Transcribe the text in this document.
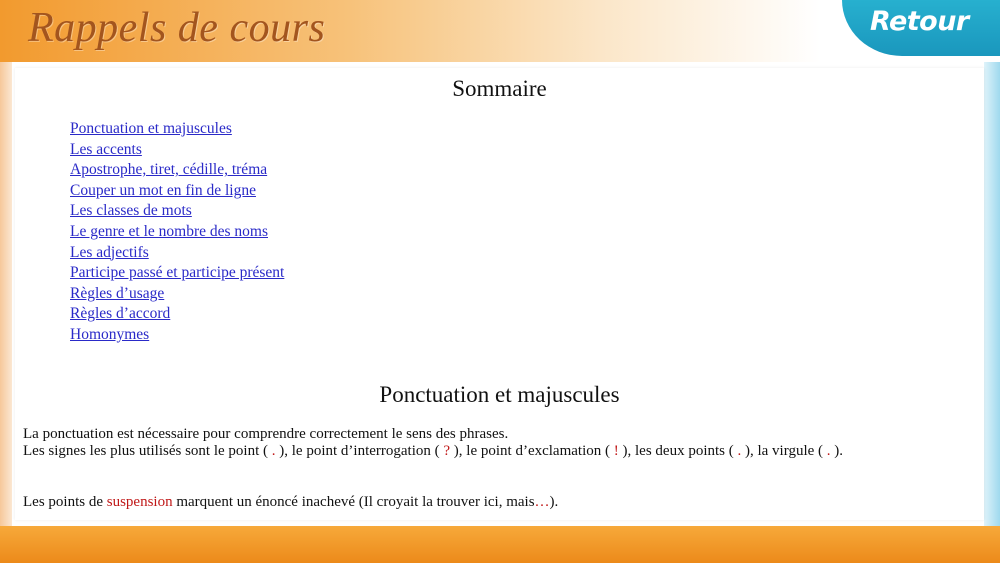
Rappels de cours	Retour
Sommaire
Ponctuation et majuscules
Les accents
Apostrophe, tiret, cédille, tréma
Couper un mot en fin de ligne
Les classes de mots
Le genre et le nombre des noms
Les adjectifs
Participe passé et participe présent
Règles d’usage
Règles d’accord
Homonymes
Ponctuation et majuscules

La ponctuation est nécessaire pour comprendre correctement le sens des phrases.

Les signes les plus utilisés sont le point ( . ), le point d’interrogation ( ? ), le point d’exclamation ( ! ), les deux points ( . ), la virgule ( . ).

Les points de suspension marquent un énoncé inachevé (Il croyait la trouver ici, mais…).
